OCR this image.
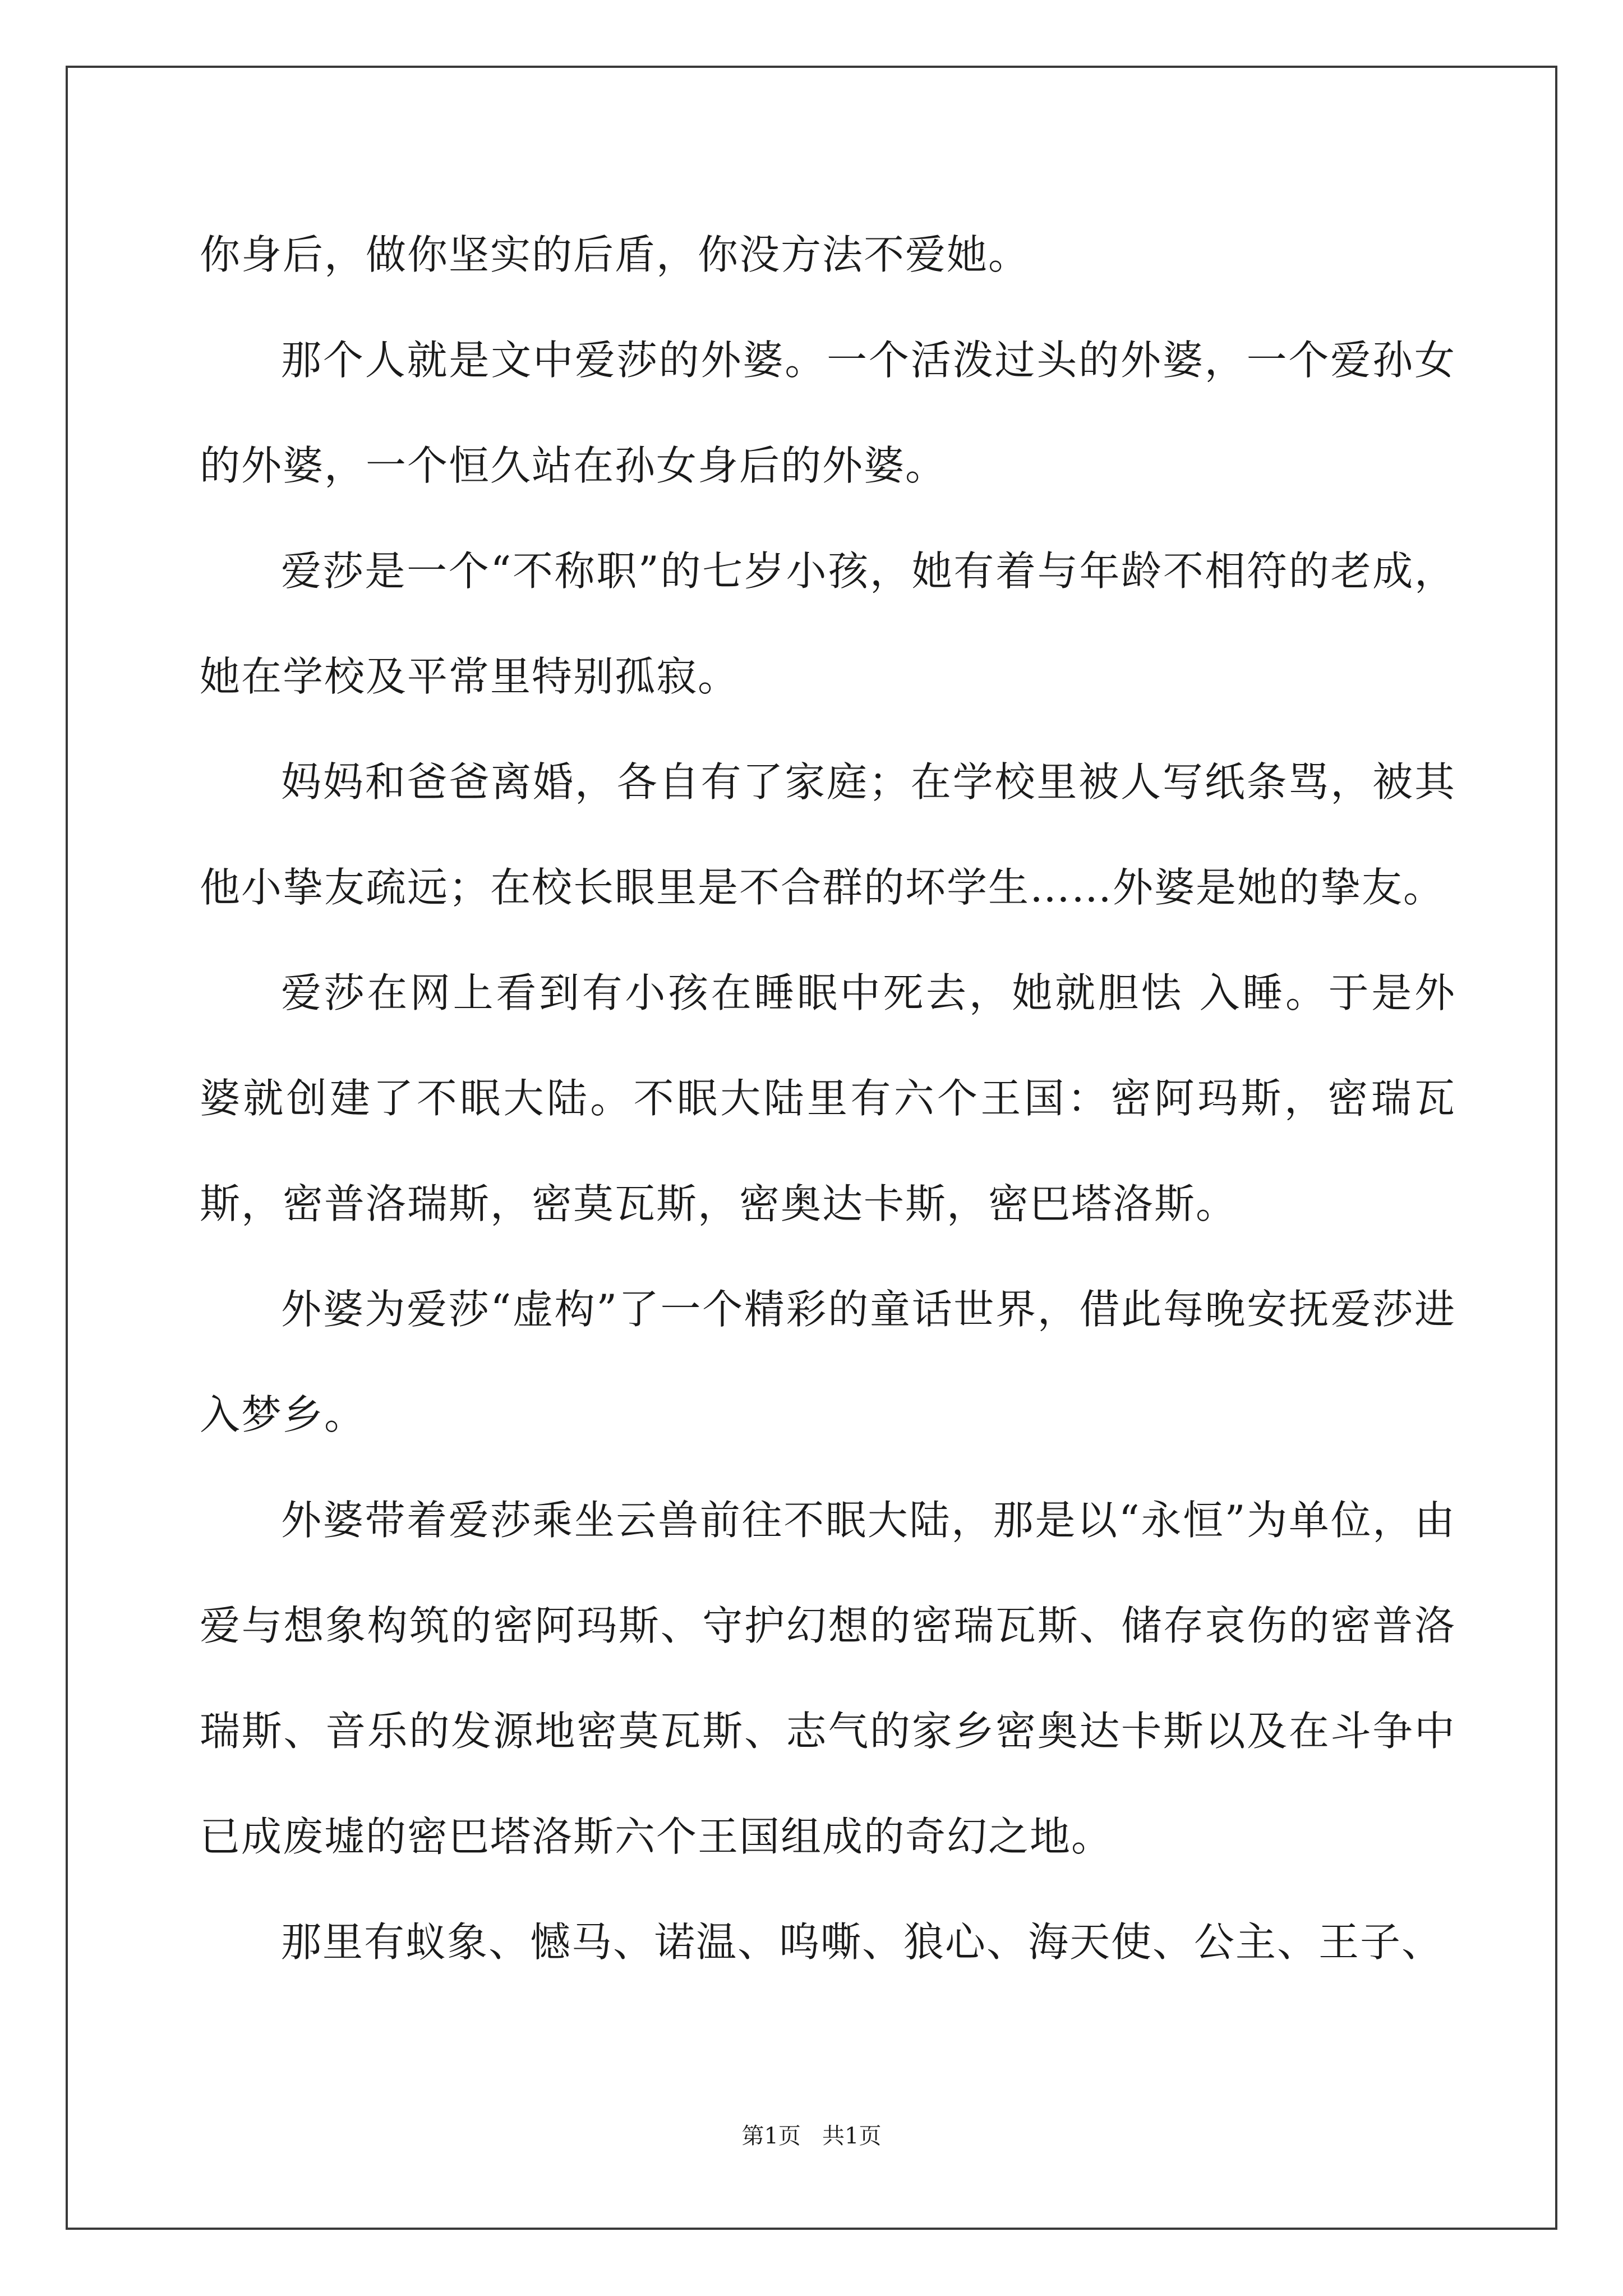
你身后，做你坚实的后盾，你没方法不爱她。

那个人就是文中爱莎的外婆。一个活泼过头的外婆，一个爱孙女的外婆，一个恒久站在孙女身后的外婆。

爱莎是一个“不称职”的七岁小孩，她有着与年龄不相符的老成，她在学校及平常里特别孤寂。

妈妈和爸爸离婚，各自有了家庭；在学校里被人写纸条骂，被其他小挚友疏远；在校长眼里是不合群的坏学生……外婆是她的挚友。

爱莎在网上看到有小孩在睡眠中死去，她就胆怯 入睡。于是外婆就创建了不眠大陆。不眠大陆里有六个王国：密阿玛斯，密瑞瓦斯，密普洛瑞斯，密莫瓦斯，密奥达卡斯，密巴塔洛斯。

外婆为爱莎“虚构”了一个精彩的童话世界，借此每晚安抚爱莎进入梦乡。

外婆带着爱莎乘坐云兽前往不眠大陆，那是以“永恒”为单位，由爱与想象构筑的密阿玛斯、守护幻想的密瑞瓦斯、储存哀伤的密普洛瑞斯、音乐的发源地密莫瓦斯、志气的家乡密奥达卡斯以及在斗争中已成废墟的密巴塔洛斯六个王国组成的奇幻之地。

那里有蚁象、憾马、诺温、呜嘶、狼心、海天使、公主、王子、

第1页   共1页
